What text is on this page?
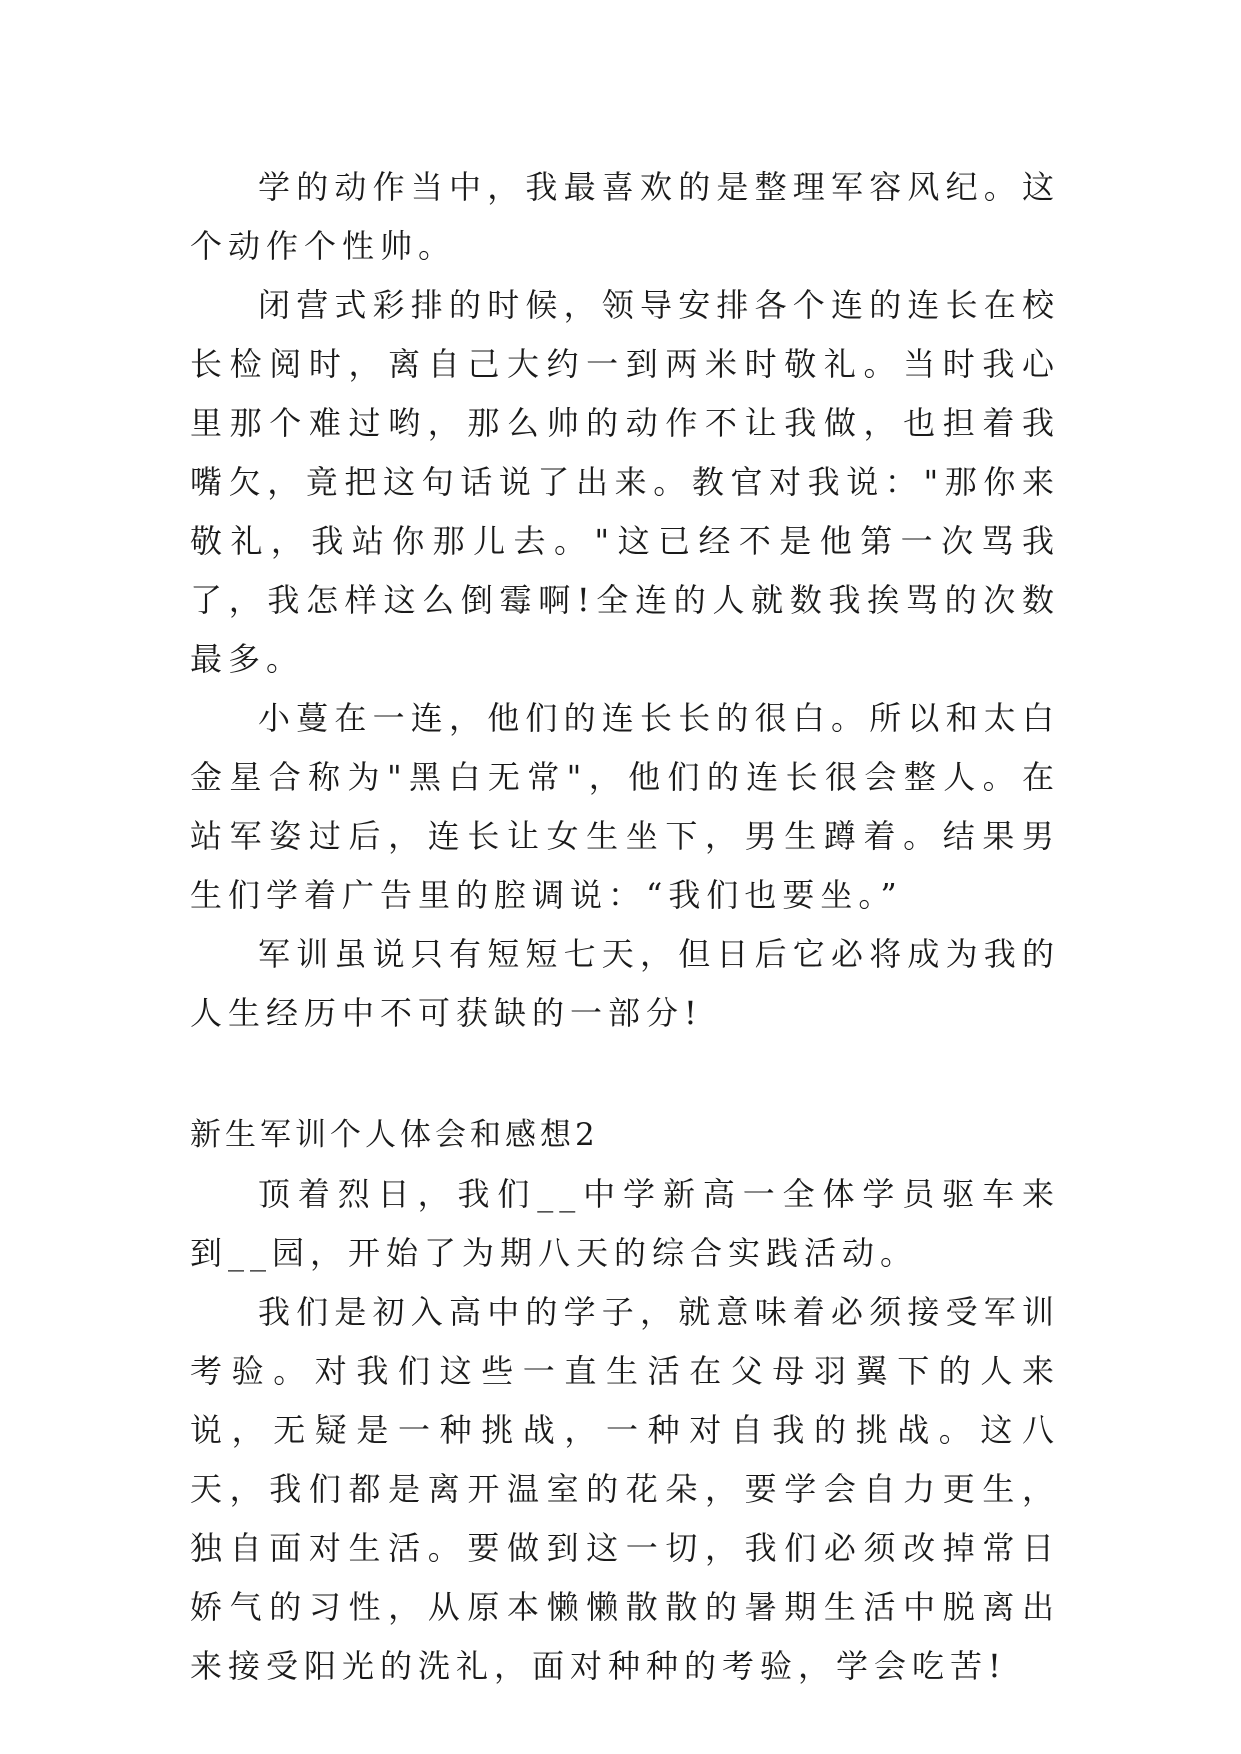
学的动作当中，我最喜欢的是整理军容风纪。这个动作个性帅。

闭营式彩排的时候，领导安排各个连的连长在校长检阅时，离自己大约一到两米时敬礼。当时我心里那个难过哟，那么帅的动作不让我做，也担着我嘴欠，竟把这句话说了出来。教官对我说："那你来敬礼，我站你那儿去。"这已经不是他第一次骂我了，我怎样这么倒霉啊!全连的人就数我挨骂的次数最多。

小蔓在一连，他们的连长长的很白。所以和太白金星合称为"黑白无常"，他们的连长很会整人。在站军姿过后，连长让女生坐下，男生蹲着。结果男生们学着广告里的腔调说：“我们也要坐。”

军训虽说只有短短七天，但日后它必将成为我的人生经历中不可获缺的一部分!

新生军训个人体会和感想2

顶着烈日，我们__中学新高一全体学员驱车来到__园，开始了为期八天的综合实践活动。

我们是初入高中的学子，就意味着必须接受军训考验。对我们这些一直生活在父母羽翼下的人来说，无疑是一种挑战，一种对自我的挑战。这八天，我们都是离开温室的花朵，要学会自力更生，独自面对生活。要做到这一切，我们必须改掉常日娇气的习性，从原本懒懒散散的暑期生活中脱离出来接受阳光的洗礼，面对种种的考验，学会吃苦!
